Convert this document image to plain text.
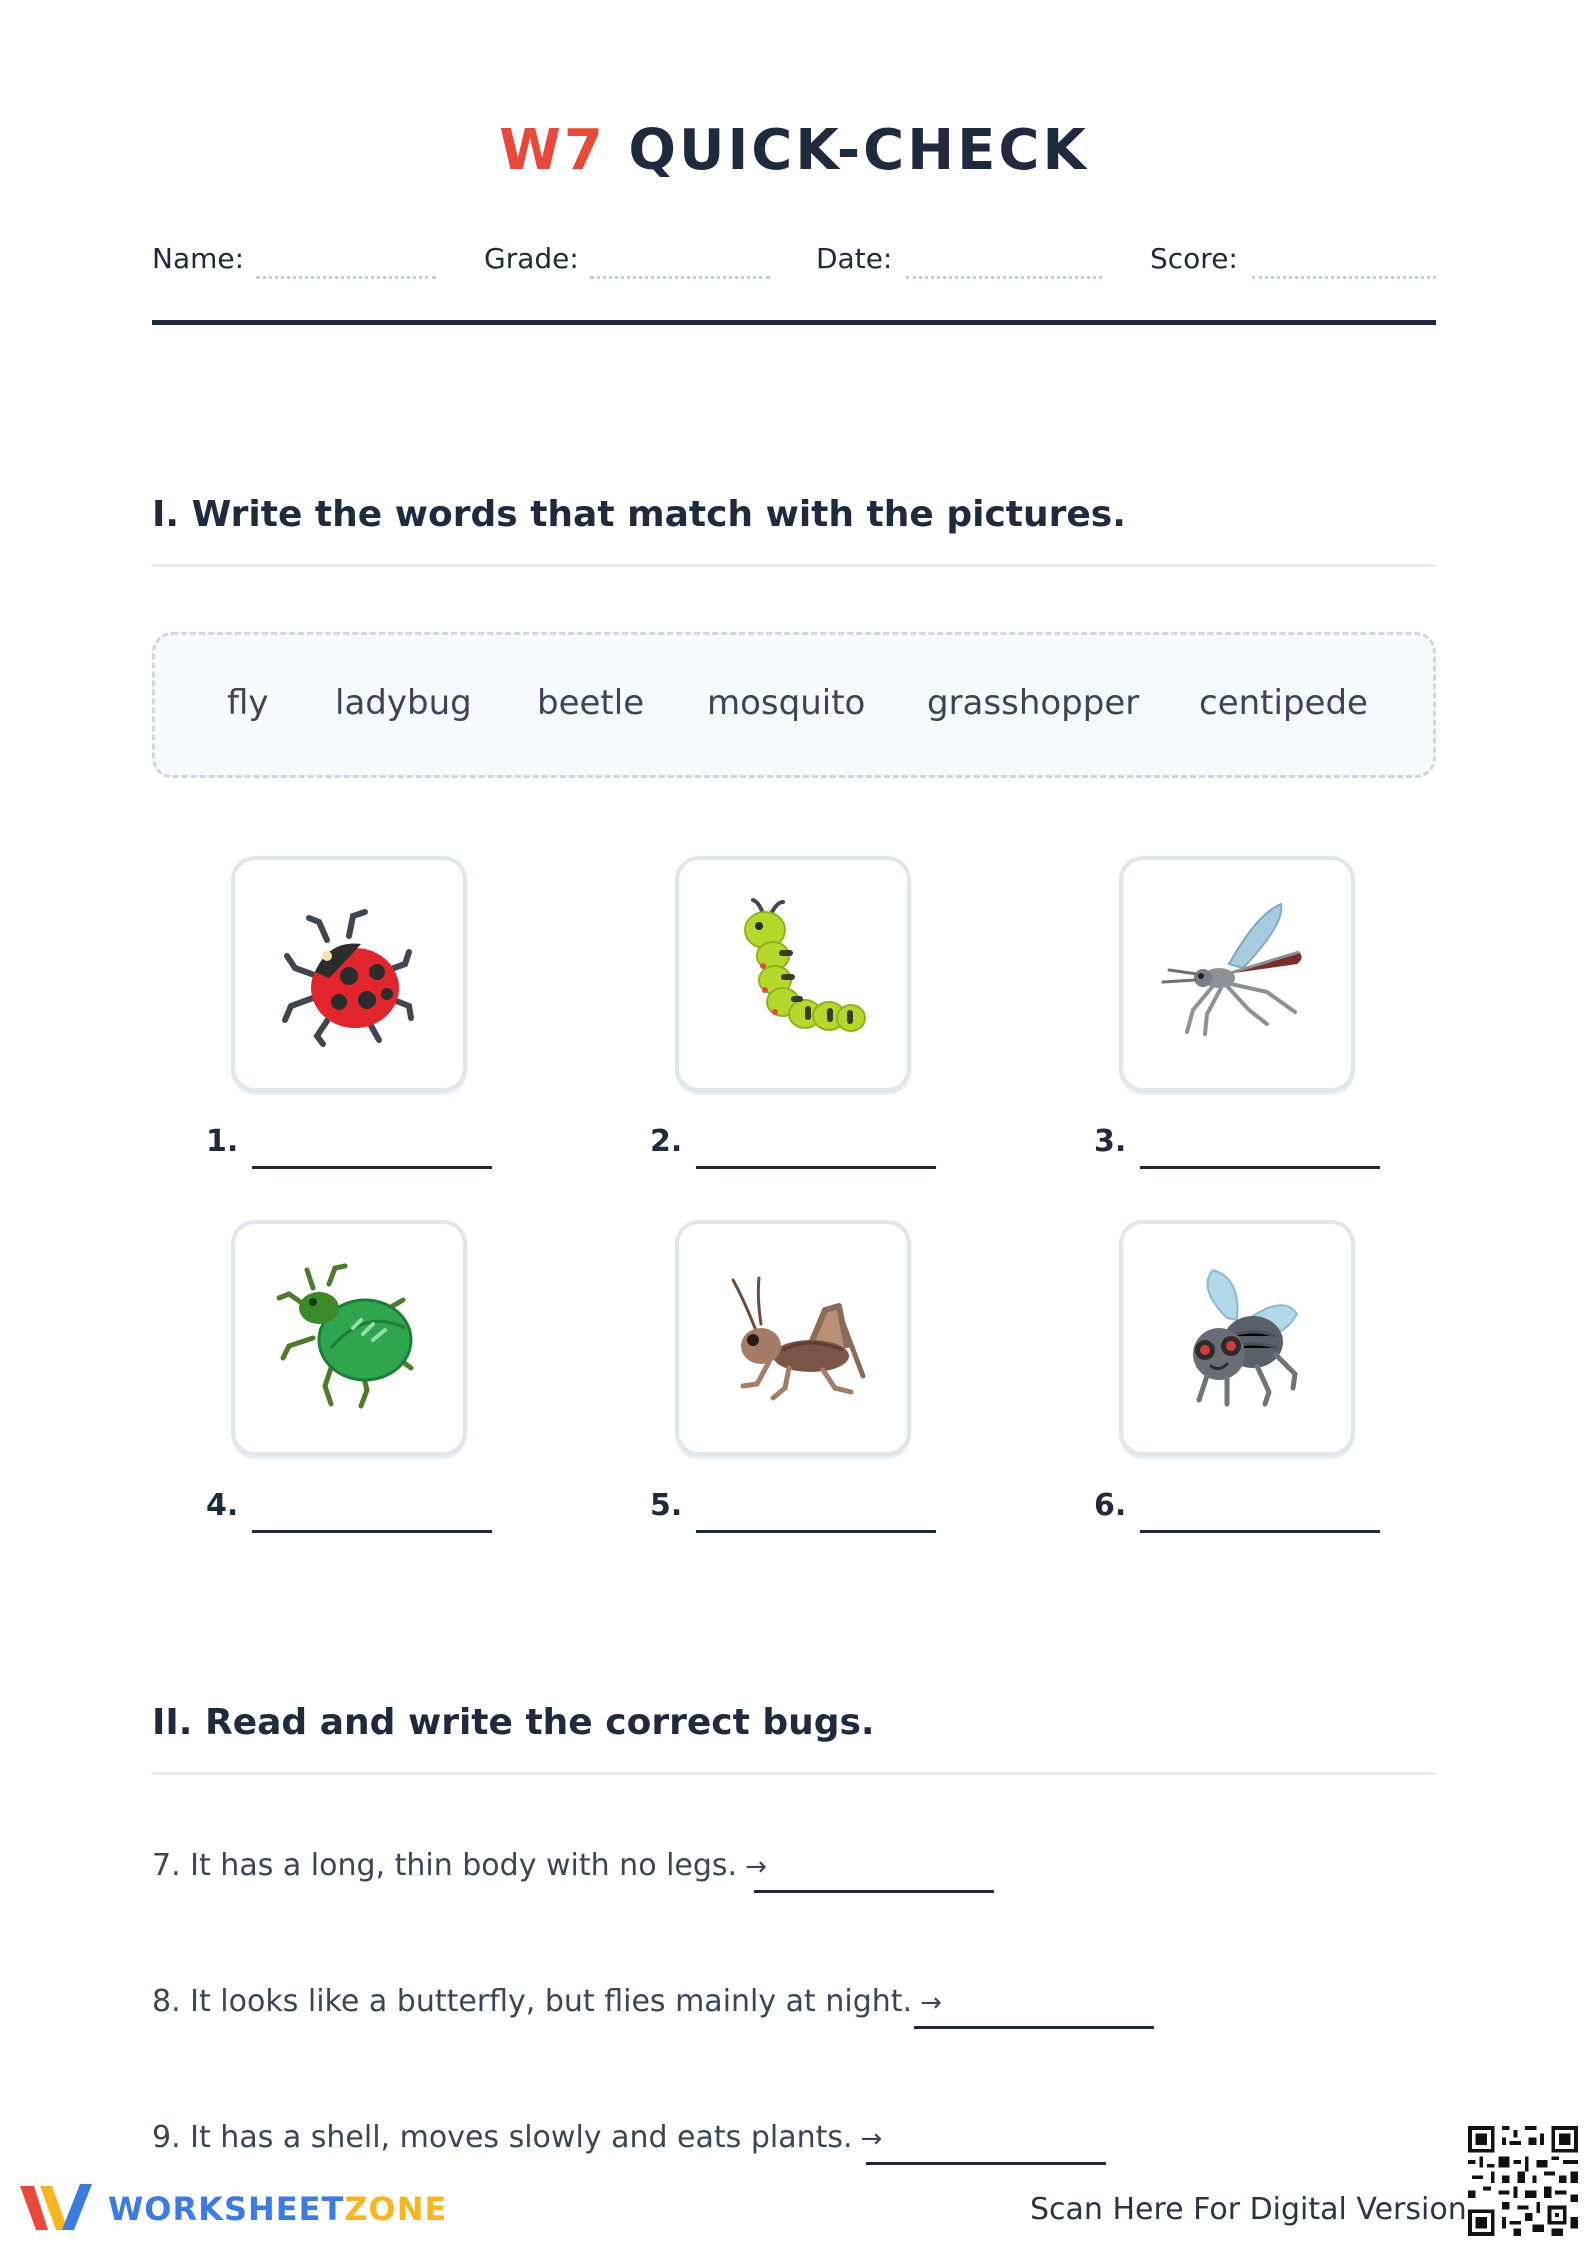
W7 QUICK-CHECK
Name:	Grade:	Date:	Score:
I. Write the words that match with the pictures.
fly ladybug beetle mosquito grasshopper centipede
1.	2.	3.
4.	5.	6.
II. Read and write the correct bugs.
7. It has a long, thin body with no legs. →
8. It looks like a butterfly, but flies mainly at night. →
9. It has a shell, moves slowly and eats plants. →
WORKSHEETZONE	Scan Here For Digital Version
